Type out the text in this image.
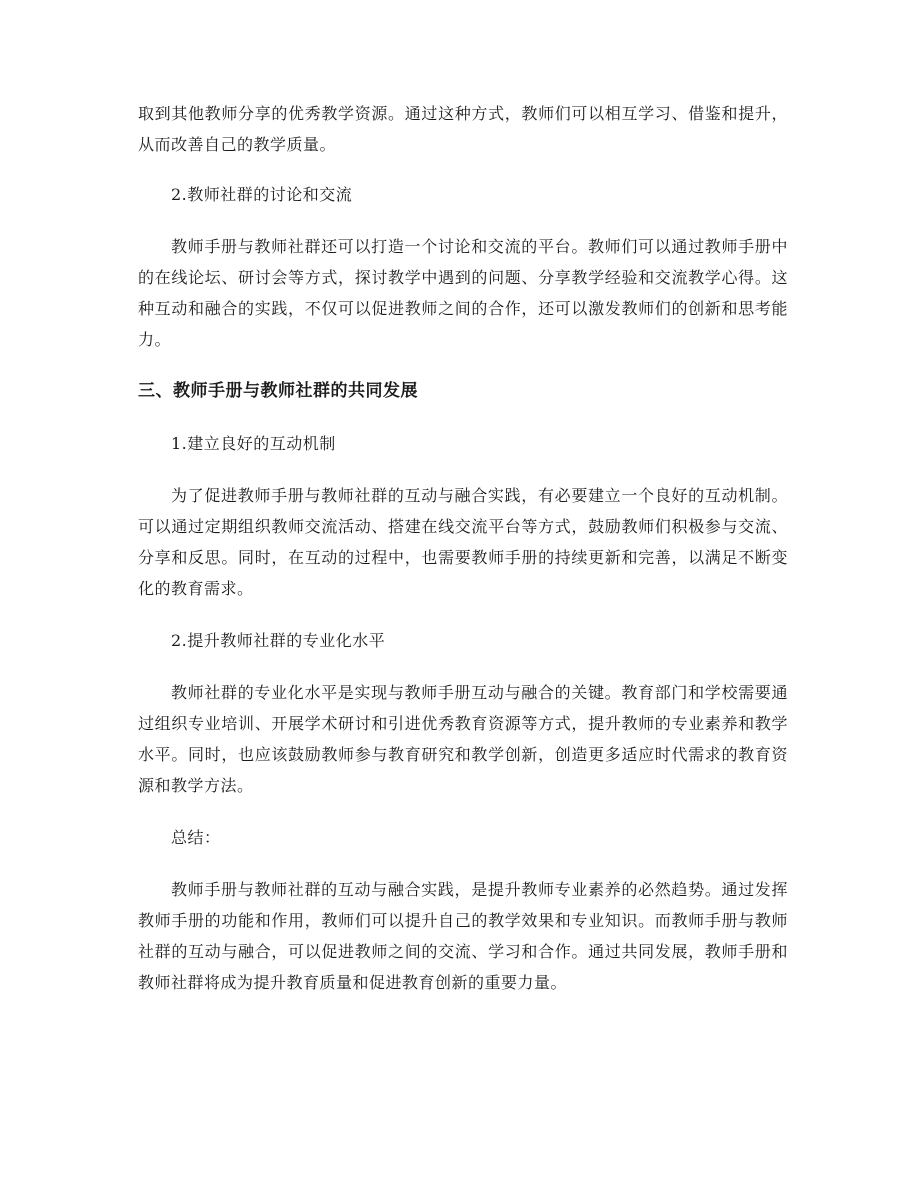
取到其他教师分享的优秀教学资源。通过这种方式，教师们可以相互学习、借鉴和提升，从而改善自己的教学质量。

2.教师社群的讨论和交流

教师手册与教师社群还可以打造一个讨论和交流的平台。教师们可以通过教师手册中的在线论坛、研讨会等方式，探讨教学中遇到的问题、分享教学经验和交流教学心得。这种互动和融合的实践，不仅可以促进教师之间的合作，还可以激发教师们的创新和思考能力。

三、教师手册与教师社群的共同发展

1.建立良好的互动机制

为了促进教师手册与教师社群的互动与融合实践，有必要建立一个良好的互动机制。可以通过定期组织教师交流活动、搭建在线交流平台等方式，鼓励教师们积极参与交流、分享和反思。同时，在互动的过程中，也需要教师手册的持续更新和完善，以满足不断变化的教育需求。

2.提升教师社群的专业化水平

教师社群的专业化水平是实现与教师手册互动与融合的关键。教育部门和学校需要通过组织专业培训、开展学术研讨和引进优秀教育资源等方式，提升教师的专业素养和教学水平。同时，也应该鼓励教师参与教育研究和教学创新，创造更多适应时代需求的教育资源和教学方法。

总结：

教师手册与教师社群的互动与融合实践，是提升教师专业素养的必然趋势。通过发挥教师手册的功能和作用，教师们可以提升自己的教学效果和专业知识。而教师手册与教师社群的互动与融合，可以促进教师之间的交流、学习和合作。通过共同发展，教师手册和教师社群将成为提升教育质量和促进教育创新的重要力量。
